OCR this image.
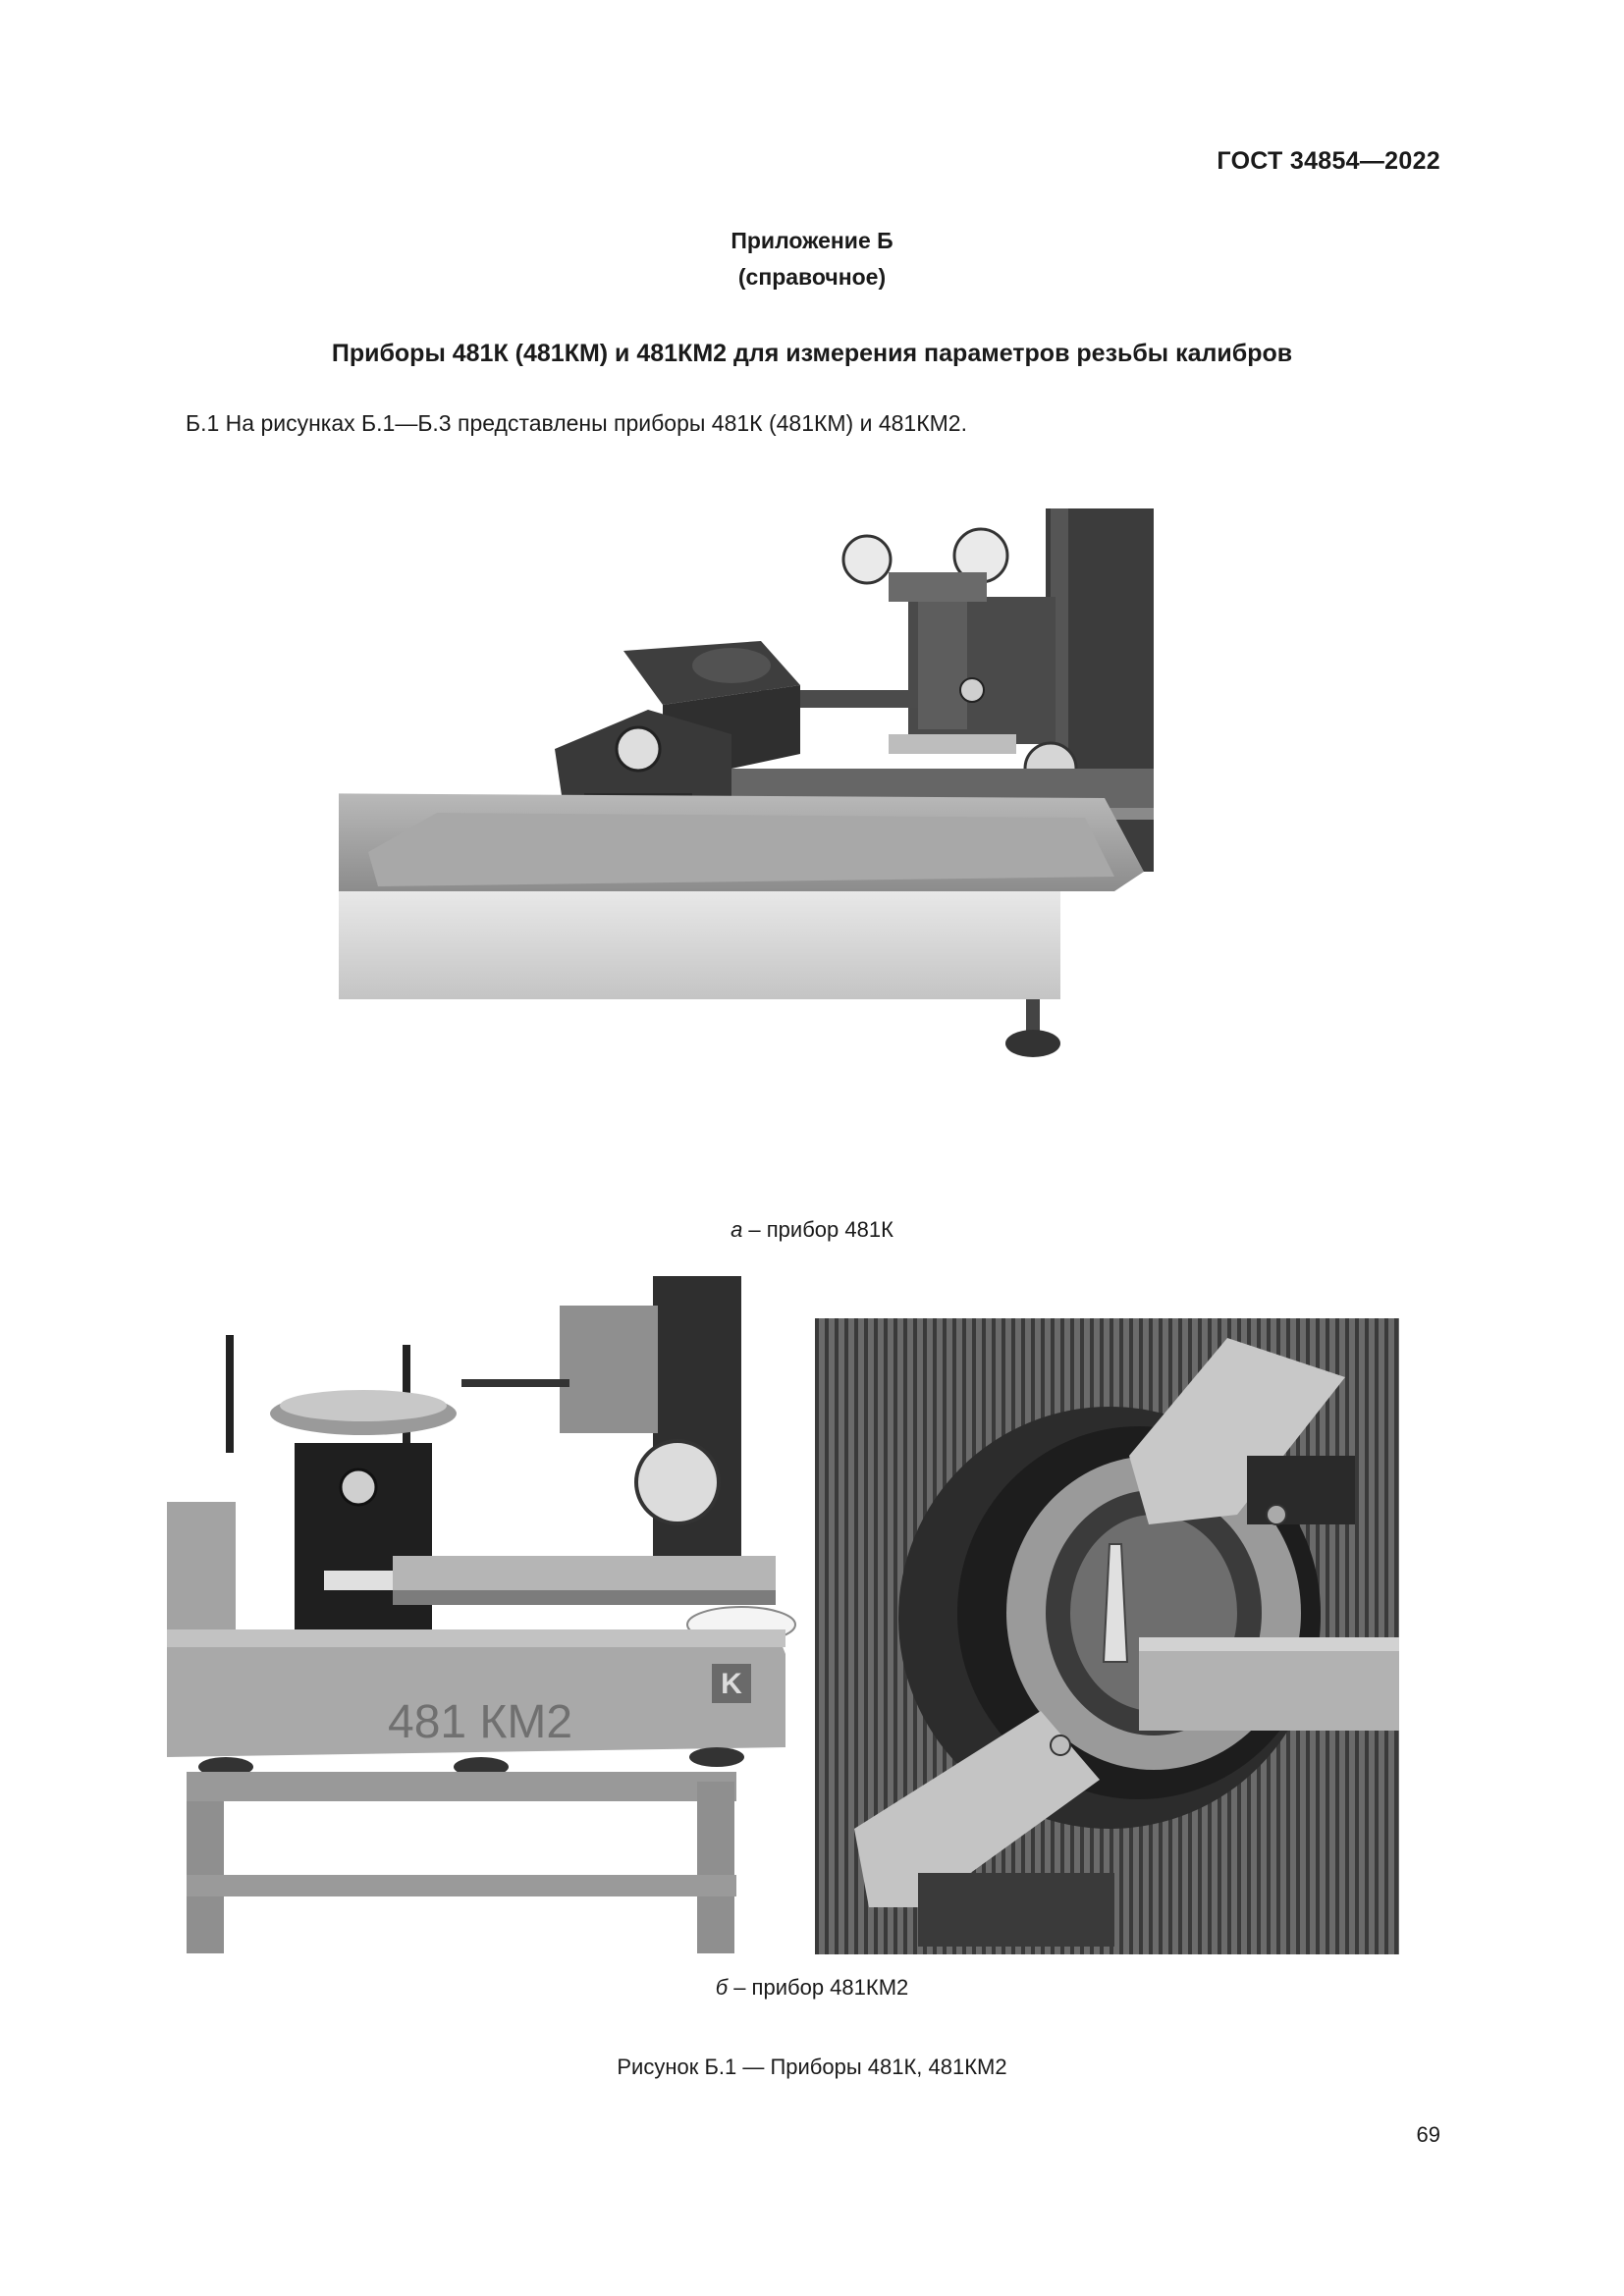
ГОСТ 34854—2022
Приложение Б
(справочное)
Приборы 481К (481КМ) и 481КМ2 для измерения параметров резьбы калибров
Б.1 На рисунках Б.1—Б.3 представлены приборы 481К (481КМ) и 481КМ2.
а – прибор 481К
K
481 КМ2
б – прибор 481КМ2
Рисунок Б.1 — Приборы 481К, 481КМ2
69
